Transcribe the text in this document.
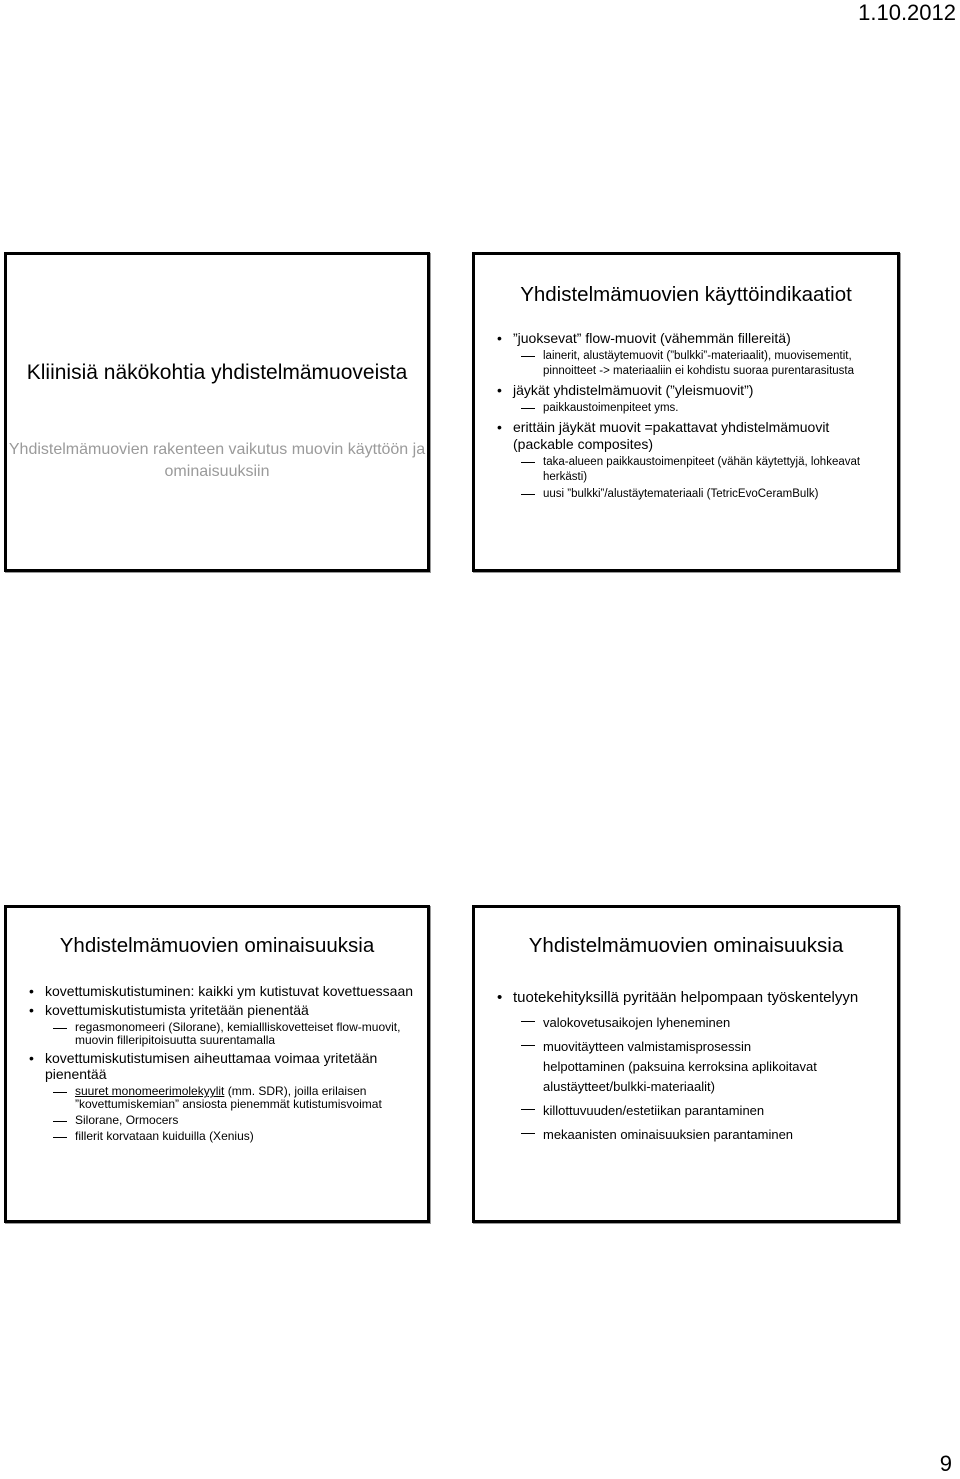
1.10.2012
Kliinisiä näkökohtia yhdistelmämuoveista
Yhdistelmämuovien rakenteen vaikutus muovin käyttöön ja ominaisuuksiin
Yhdistelmämuovien käyttöindikaatiot
• ”juoksevat” flow-muovit (vähemmän fillereitä)
lainerit, alustäytemuovit (”bulkki”-materiaalit), muovisementit, pinnoitteet -> materiaaliin ei kohdistu suoraa purentarasitusta
• jäykät yhdistelmämuovit (”yleismuovit”)
paikkaustoimenpiteet yms.
• erittäin jäykät muovit =pakattavat yhdistelmämuovit (packable composites)
taka-alueen paikkaustoimenpiteet (vähän käytettyjä, lohkeavat herkästi)
uusi ”bulkki”/alustäytemateriaali (TetricEvoCeramBulk)
Yhdistelmämuovien ominaisuuksia
• kovettumiskutistuminen: kaikki ym kutistuvat kovettuessaan
• kovettumiskutistumista yritetään pienentää
regasmonomeeri (Silorane), kemiallliskovetteiset flow-muovit, muovin filleripitoisuutta suurentamalla
• kovettumiskutistumisen aiheuttamaa voimaa yritetään pienentää
suuret monomeerimolekyylit (mm. SDR), joilla erilaisen ”kovettumiskemian” ansiosta pienemmät kutistumisvoimat
Silorane, Ormocers
fillerit korvataan kuiduilla (Xenius)
Yhdistelmämuovien ominaisuuksia
• tuotekehityksillä pyritään helpompaan työskentelyyn
valokovetusaikojen lyheneminen
muovitäytteen valmistamisprosessin
helpottaminen (paksuina kerroksina aplikoitavat alustäytteet/bulkki-materiaalit)
killottuvuuden/estetiikan parantaminen
mekaanisten ominaisuuksien parantaminen
9
